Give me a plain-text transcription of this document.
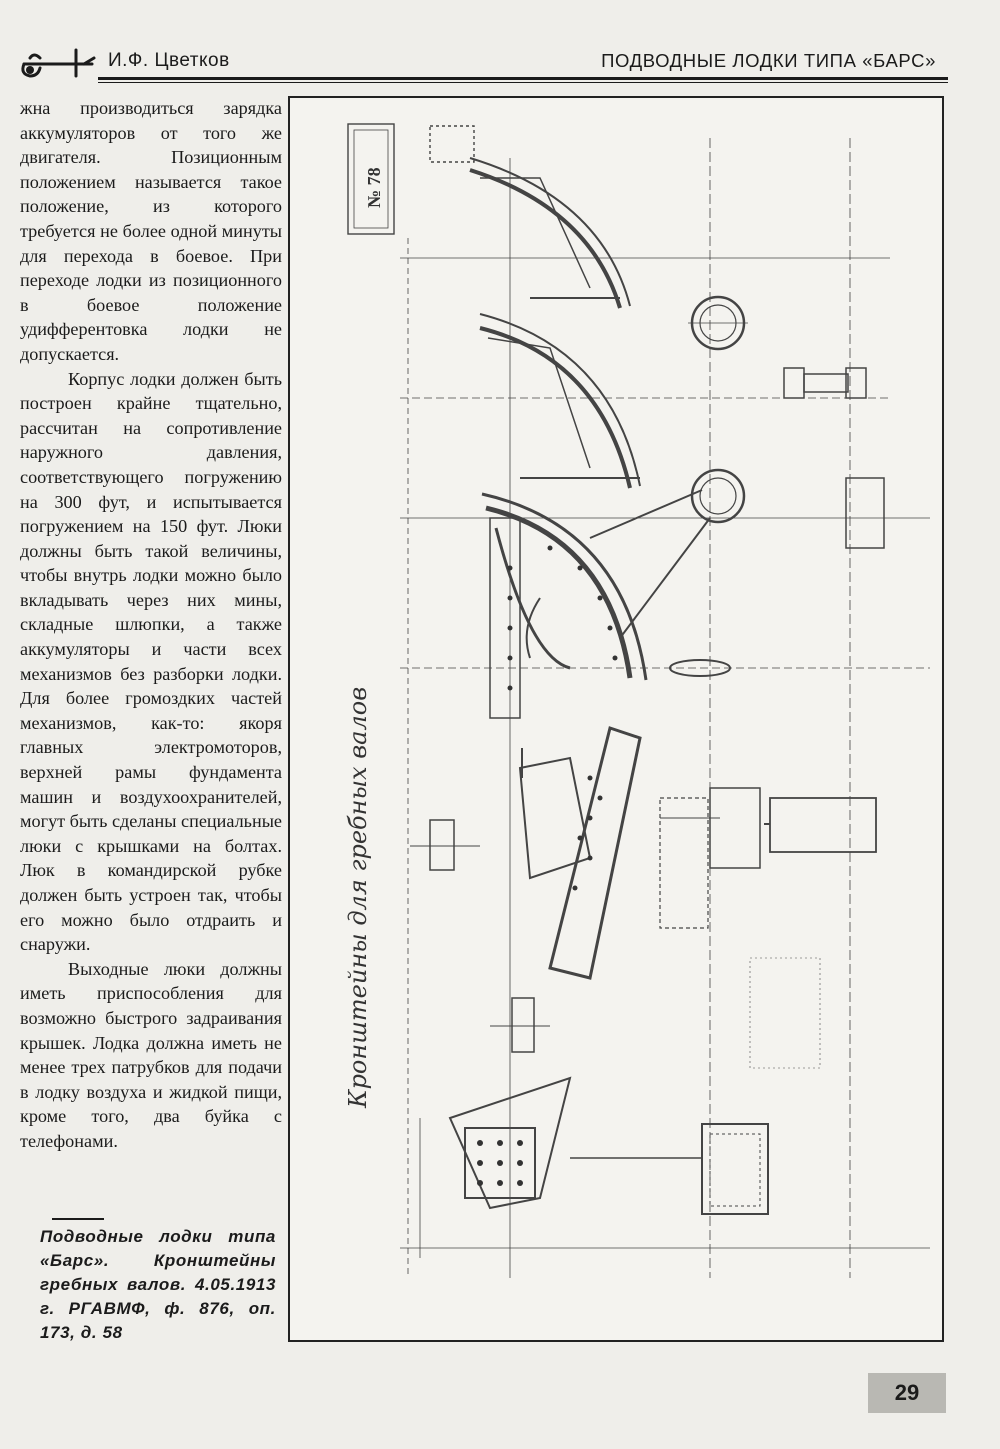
И.Ф. Цветков	ПОДВОДНЫЕ ЛОДКИ ТИПА «БАРС»

жна производиться зарядка аккумуляторов от того же двигателя. Позиционным положением называется такое положение, из которого требуется не более одной минуты для перехода в боевое. При переходе лодки из позиционного в боевое положение удифферентовка лодки не допускается.

Корпус лодки должен быть построен крайне тщательно, рассчитан на сопротивление наружного давления, соответствующего погружению на 300 фут, и испытывается погружением на 150 фут. Люки должны быть такой величины, чтобы внутрь лодки можно было вкладывать через них мины, складные шлюпки, а также аккумуляторы и части всех механизмов без разборки лодки. Для более громоздких частей механизмов, как-то: якоря главных электромоторов, верхней рамы фундамента машин и воздухоохранителей, могут быть сделаны специальные люки с крышками на болтах. Люк в командирской рубке должен быть устроен так, чтобы его можно было отдраить и снаружи.

Выходные люки должны иметь приспособления для возможно быстрого задраивания крышек. Лодка должна иметь не менее трех патрубков для подачи в лодку воздуха и жидкой пищи, кроме того, два буйка с телефонами.

Подводные лодки типа «Барс». Кронштейны гребных валов. 4.05.1913 г. РГАВМФ, ф. 876, оп. 173, д. 58
№ 78
Кронштейны для гребных валов
29
